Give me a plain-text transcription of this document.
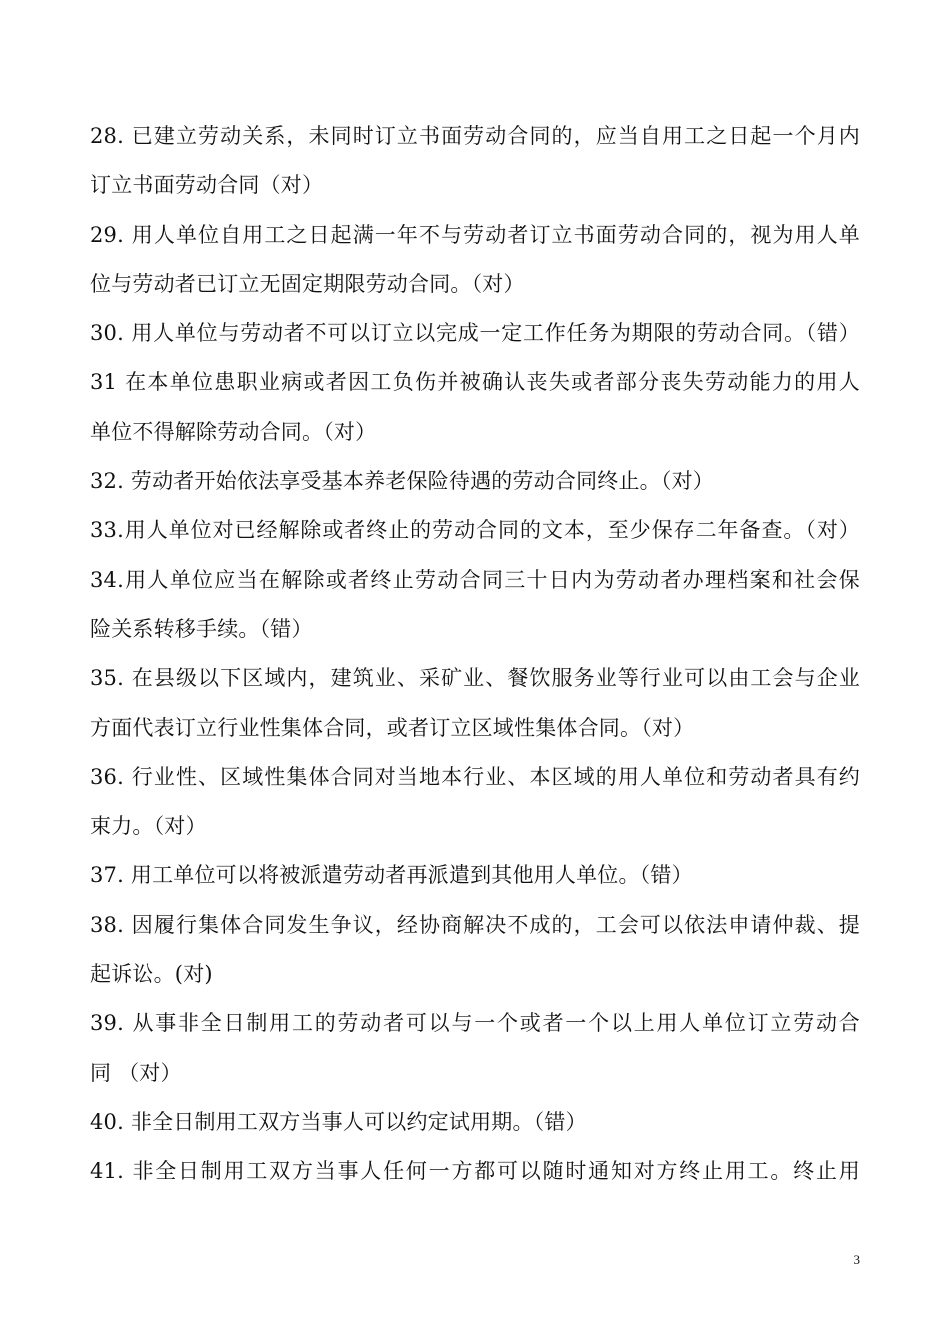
28. 已建立劳动关系，未同时订立书面劳动合同的，应当自用工之日起一个月内
订立书面劳动合同（对）
29. 用人单位自用工之日起满一年不与劳动者订立书面劳动合同的，视为用人单
位与劳动者已订立无固定期限劳动合同。（对）
30. 用人单位与劳动者不可以订立以完成一定工作任务为期限的劳动合同。（错）
31 在本单位患职业病或者因工负伤并被确认丧失或者部分丧失劳动能力的用人
单位不得解除劳动合同。（对）
32. 劳动者开始依法享受基本养老保险待遇的劳动合同终止。（对）
33.用人单位对已经解除或者终止的劳动合同的文本，至少保存二年备查。（对）
34.用人单位应当在解除或者终止劳动合同三十日内为劳动者办理档案和社会保
险关系转移手续。（错）
35. 在县级以下区域内，建筑业、采矿业、餐饮服务业等行业可以由工会与企业
方面代表订立行业性集体合同，或者订立区域性集体合同。（对）
36. 行业性、区域性集体合同对当地本行业、本区域的用人单位和劳动者具有约
束力。（对）
37. 用工单位可以将被派遣劳动者再派遣到其他用人单位。（错）
38. 因履行集体合同发生争议，经协商解决不成的，工会可以依法申请仲裁、提
起诉讼。(对)
39. 从事非全日制用工的劳动者可以与一个或者一个以上用人单位订立劳动合
同 （对）
40. 非全日制用工双方当事人可以约定试用期。（错）
41. 非全日制用工双方当事人任何一方都可以随时通知对方终止用工。终止用
3
